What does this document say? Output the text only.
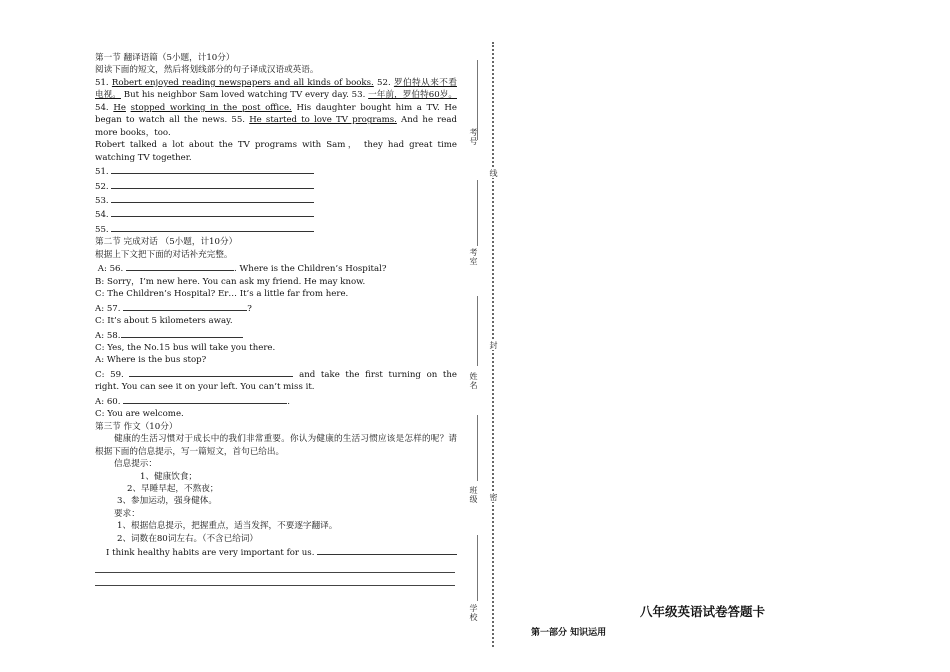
第一节 翻译语篇（5小题，计10分）

阅读下面的短文，然后将划线部分的句子译成汉语或英语。

51. Robert enjoyed reading newspapers and all kinds of books. 52. 罗伯特从来不看电视。 But his neighbor Sam loved watching TV every day. 53. 一年前，罗伯特60岁。 54. He stopped working in the post office. His daughter bought him a TV. He began to watch all the news. 55. He started to love TV programs. And he read more books，too.

Robert talked a lot about the TV programs with Sam， they had great time watching TV together.

51.

52.

53.

54.

55.

第二节 完成对话 （5小题，计10分）

根据上下文把下面的对话补充完整。

A: 56.	. Where is the Children’s Hospital?

B: Sorry，I’m new here. You can ask my friend. He may know.

C: The Children’s Hospital? Er… It’s a little far from here.

A: 57.	?

C: It’s about 5 kilometers away.

A: 58.

C: Yes, the No.15 bus will take you there.

A: Where is the bus stop?

C: 59.	and take the first turning on the right. You can see it on your left. You can’t miss it.

A: 60.	.

C: You are welcome.

第三节 作文（10分）

健康的生活习惯对于成长中的我们非常重要。你认为健康的生活习惯应该是怎样的呢？请根据下面的信息提示，写一篇短文，首句已给出。

信息提示：

1、健康饮食；

2、早睡早起，不熬夜；

3、参加运动，强身健体。

要求：

1、根据信息提示，把握重点，适当发挥，不要逐字翻译。

2、词数在80词左右。（不含已给词）

I think healthy habits are very important for us.

考号
考室
姓名
班级
学校
线
封
密
八年级英语试卷答题卡
第一部分 知识运用
